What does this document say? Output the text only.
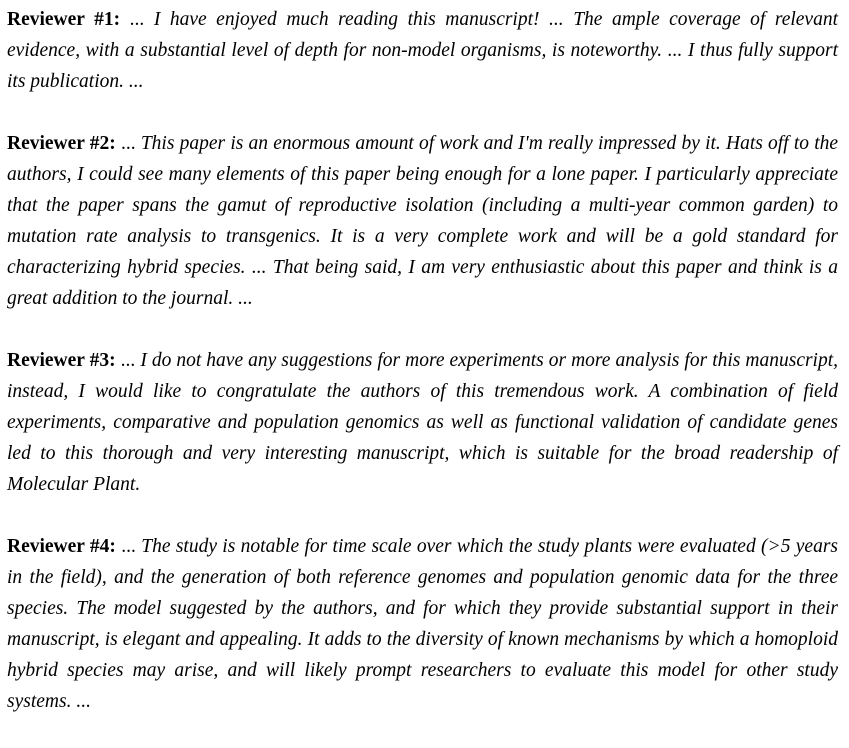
Reviewer #1: ... I have enjoyed much reading this manuscript! ... The ample coverage of relevant evidence, with a substantial level of depth for non-model organisms, is noteworthy. ... I thus fully support its publication. ...

Reviewer #2: ... This paper is an enormous amount of work and I'm really impressed by it. Hats off to the authors, I could see many elements of this paper being enough for a lone paper. I particularly appreciate that the paper spans the gamut of reproductive isolation (including a multi-year common garden) to mutation rate analysis to transgenics. It is a very complete work and will be a gold standard for characterizing hybrid species. ... That being said, I am very enthusiastic about this paper and think is a great addition to the journal. ...

Reviewer #3: ... I do not have any suggestions for more experiments or more analysis for this manuscript, instead, I would like to congratulate the authors of this tremendous work. A combination of field experiments, comparative and population genomics as well as functional validation of candidate genes led to this thorough and very interesting manuscript, which is suitable for the broad readership of Molecular Plant.

Reviewer #4: ... The study is notable for time scale over which the study plants were evaluated (>5 years in the field), and the generation of both reference genomes and population genomic data for the three species. The model suggested by the authors, and for which they provide substantial support in their manuscript, is elegant and appealing. It adds to the diversity of known mechanisms by which a homoploid hybrid species may arise, and will likely prompt researchers to evaluate this model for other study systems. ...
